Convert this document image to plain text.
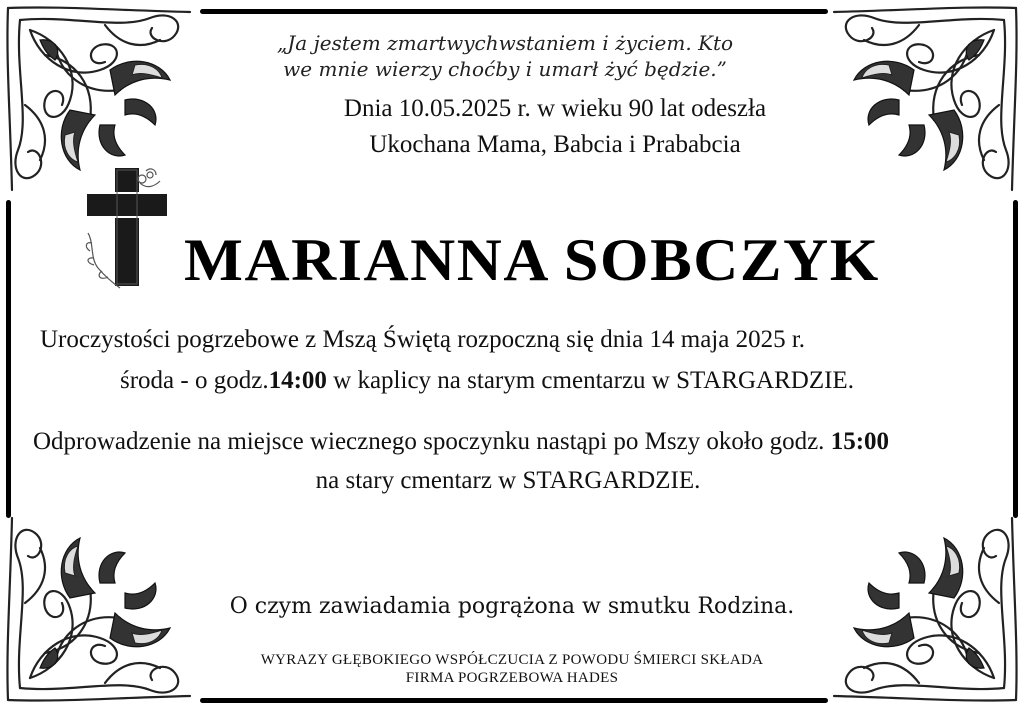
„Ja jestem zmartwychwstaniem i życiem. Kto
we mnie wierzy choćby i umarł żyć będzie.”
Dnia 10.05.2025 r. w wieku 90 lat odeszła
Ukochana Mama, Babcia i Prababcia
MARIANNA SOBCZYK
Uroczystości pogrzebowe z Mszą Świętą rozpoczną się dnia 14 maja 2025 r.
środa - o godz.14:00 w kaplicy na starym cmentarzu w STARGARDZIE.
Odprowadzenie na miejsce wiecznego spoczynku nastąpi po Mszy około godz. 15:00
na stary cmentarz w STARGARDZIE.
O czym zawiadamia pogrążona w smutku Rodzina.
WYRAZY GŁĘBOKIEGO WSPÓŁCZUCIA Z POWODU ŚMIERCI SKŁADA
FIRMA POGRZEBOWA HADES
